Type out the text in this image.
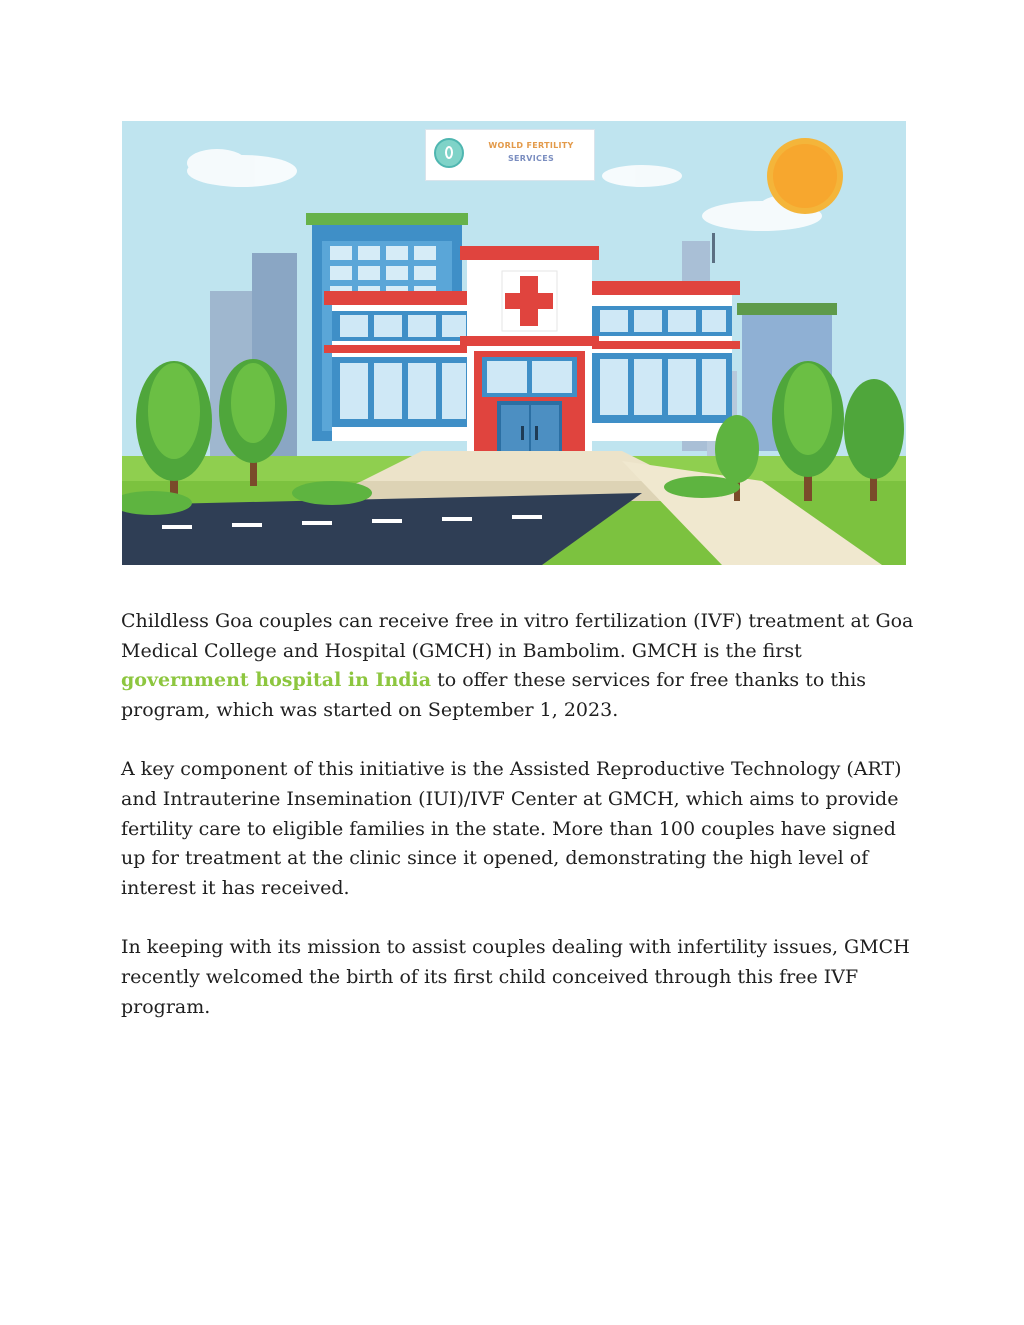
WORLD FERTILITY
SERVICES

Childless Goa couples can receive free in vitro fertilization (IVF) treatment at Goa Medical College and Hospital (GMCH) in Bambolim. GMCH is the first government hospital in India to offer these services for free thanks to this program, which was started on September 1, 2023.

A key component of this initiative is the Assisted Reproductive Technology (ART) and Intrauterine Insemination (IUI)/IVF Center at GMCH, which aims to provide fertility care to eligible families in the state. More than 100 couples have signed up for treatment at the clinic since it opened, demonstrating the high level of interest it has received.

In keeping with its mission to assist couples dealing with infertility issues, GMCH recently welcomed the birth of its first child conceived through this free IVF program.
